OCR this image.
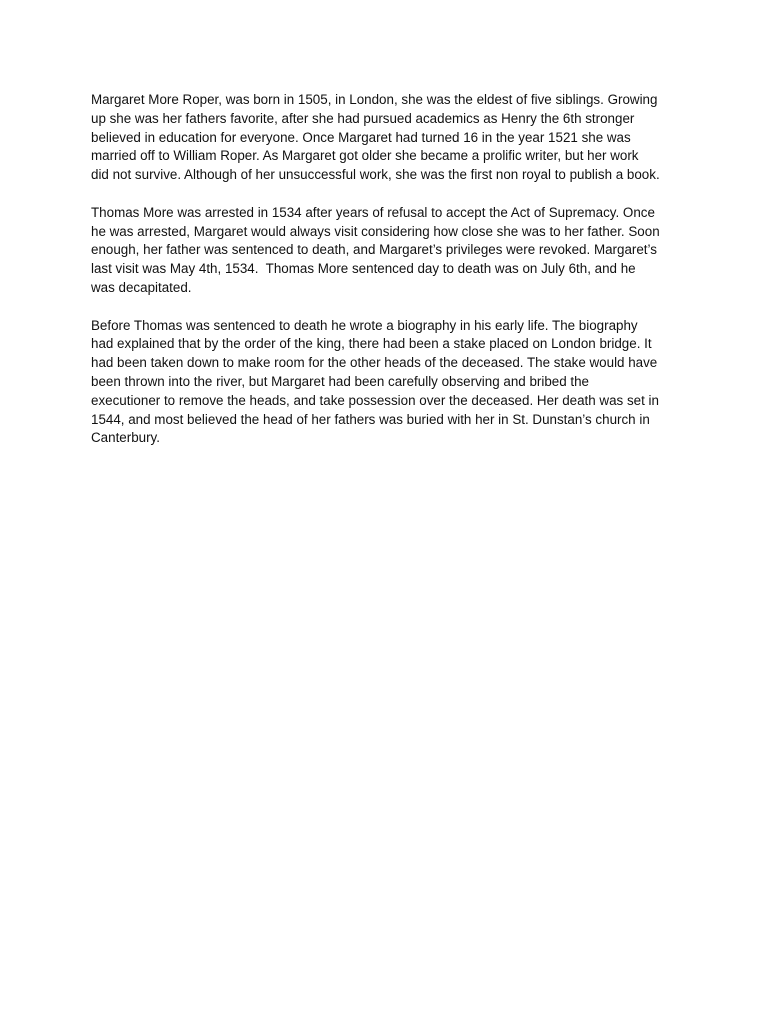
Margaret More Roper, was born in 1505, in London, she was the eldest of five siblings. Growing
up she was her fathers favorite, after she had pursued academics as Henry the 6th stronger
believed in education for everyone. Once Margaret had turned 16 in the year 1521 she was
married off to William Roper. As Margaret got older she became a prolific writer, but her work
did not survive. Although of her unsuccessful work, she was the first non royal to publish a book.

Thomas More was arrested in 1534 after years of refusal to accept the Act of Supremacy. Once
he was arrested, Margaret would always visit considering how close she was to her father. Soon
enough, her father was sentenced to death, and Margaret’s privileges were revoked. Margaret’s
last visit was May 4th, 1534.  Thomas More sentenced day to death was on July 6th, and he
was decapitated.

Before Thomas was sentenced to death he wrote a biography in his early life. The biography
had explained that by the order of the king, there had been a stake placed on London bridge. It
had been taken down to make room for the other heads of the deceased. The stake would have
been thrown into the river, but Margaret had been carefully observing and bribed the
executioner to remove the heads, and take possession over the deceased. Her death was set in
1544, and most believed the head of her fathers was buried with her in St. Dunstan’s church in
Canterbury.
